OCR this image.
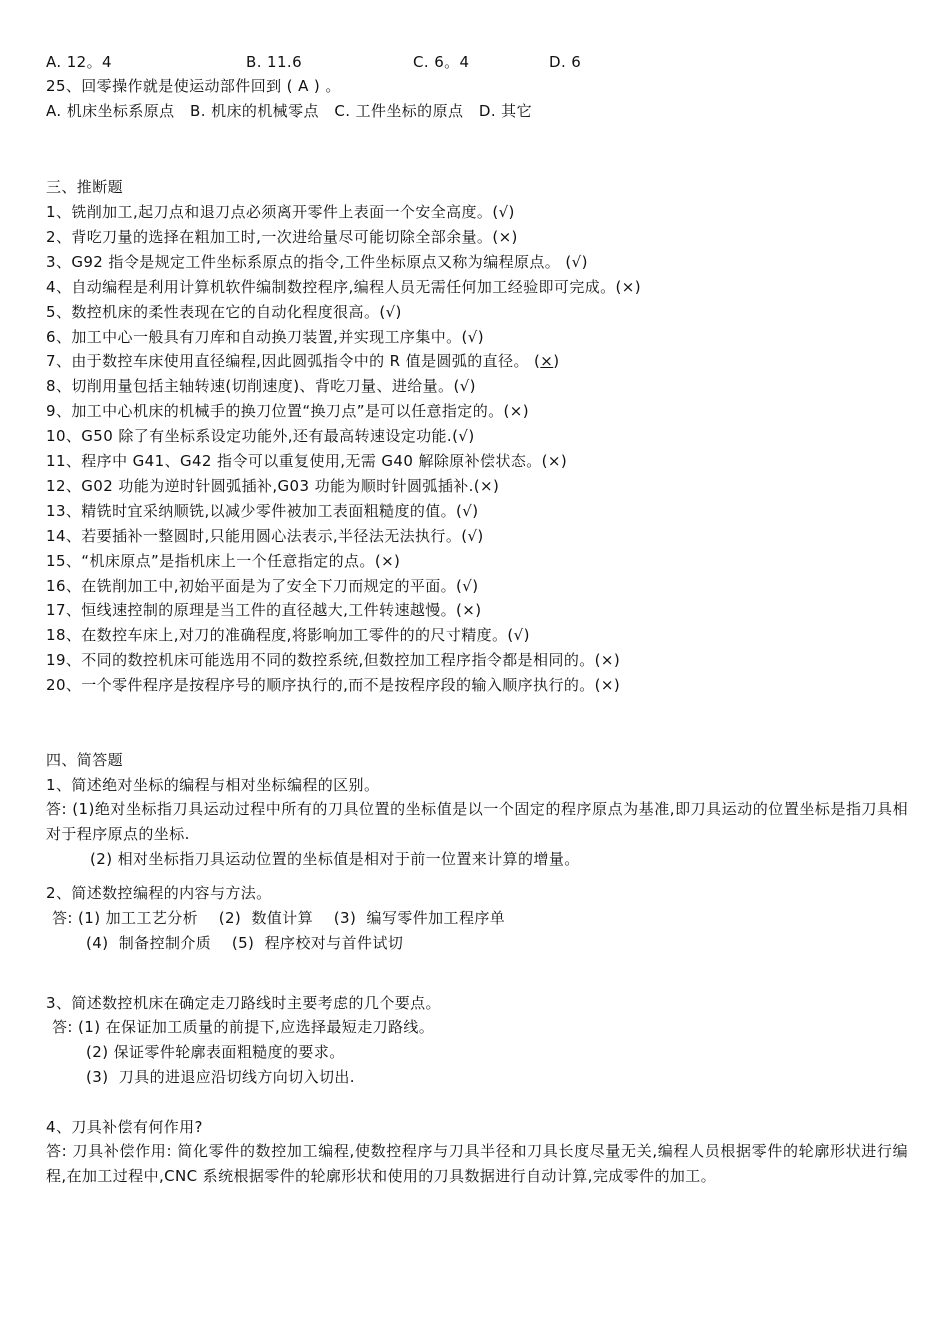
A. 12。4	B. 11.6	C. 6。4	D. 6
25、回零操作就是使运动部件回到 ( A ) 。
A. 机床坐标系原点   B. 机床的机械零点   C. 工件坐标的原点   D. 其它
三、推断题
1、铣削加工,起刀点和退刀点必须离开零件上表面一个安全高度。(√)
2、背吃刀量的选择在粗加工时,一次进给量尽可能切除全部余量。(×)
3、G92 指令是规定工件坐标系原点的指令,工件坐标原点又称为编程原点。 (√)
4、自动编程是利用计算机软件编制数控程序,编程人员无需任何加工经验即可完成。(×)
5、数控机床的柔性表现在它的自动化程度很高。(√)
6、加工中心一般具有刀库和自动换刀装置,并实现工序集中。(√)
7、由于数控车床使用直径编程,因此圆弧指令中的 R 值是圆弧的直径。 (×)
8、切削用量包括主轴转速(切削速度)、背吃刀量、进给量。(√)
9、加工中心机床的机械手的换刀位置“换刀点”是可以任意指定的。(×)
10、G50 除了有坐标系设定功能外,还有最高转速设定功能.(√)
11、程序中 G41、G42 指令可以重复使用,无需 G40 解除原补偿状态。(×)
12、G02 功能为逆时针圆弧插补,G03 功能为顺时针圆弧插补.(×)
13、精铣时宜采纳顺铣,以减少零件被加工表面粗糙度的值。(√)
14、若要插补一整圆时,只能用圆心法表示,半径法无法执行。(√)
15、“机床原点”是指机床上一个任意指定的点。(×)
16、在铣削加工中,初始平面是为了安全下刀而规定的平面。(√)
17、恒线速控制的原理是当工件的直径越大,工件转速越慢。(×)
18、在数控车床上,对刀的准确程度,将影响加工零件的的尺寸精度。(√)
19、不同的数控机床可能选用不同的数控系统,但数控加工程序指令都是相同的。(×)
20、一个零件程序是按程序号的顺序执行的,而不是按程序段的输入顺序执行的。(×)
四、简答题
1、简述绝对坐标的编程与相对坐标编程的区别。
答: (1)绝对坐标指刀具运动过程中所有的刀具位置的坐标值是以一个固定的程序原点为基准,即刀具运动的位置坐标是指刀具相对于程序原点的坐标.
(2) 相对坐标指刀具运动位置的坐标值是相对于前一位置来计算的增量。
2、简述数控编程的内容与方法。
答: (1) 加工工艺分析    (2)  数值计算    (3)  编写零件加工程序单
(4)  制备控制介质    (5)  程序校对与首件试切
3、简述数控机床在确定走刀路线时主要考虑的几个要点。
答: (1) 在保证加工质量的前提下,应选择最短走刀路线。
(2) 保证零件轮廓表面粗糙度的要求。
(3)  刀具的进退应沿切线方向切入切出.
4、刀具补偿有何作用?
答: 刀具补偿作用: 简化零件的数控加工编程,使数控程序与刀具半径和刀具长度尽量无关,编程人员根据零件的轮廓形状进行编程,在加工过程中,CNC 系统根据零件的轮廓形状和使用的刀具数据进行自动计算,完成零件的加工。
